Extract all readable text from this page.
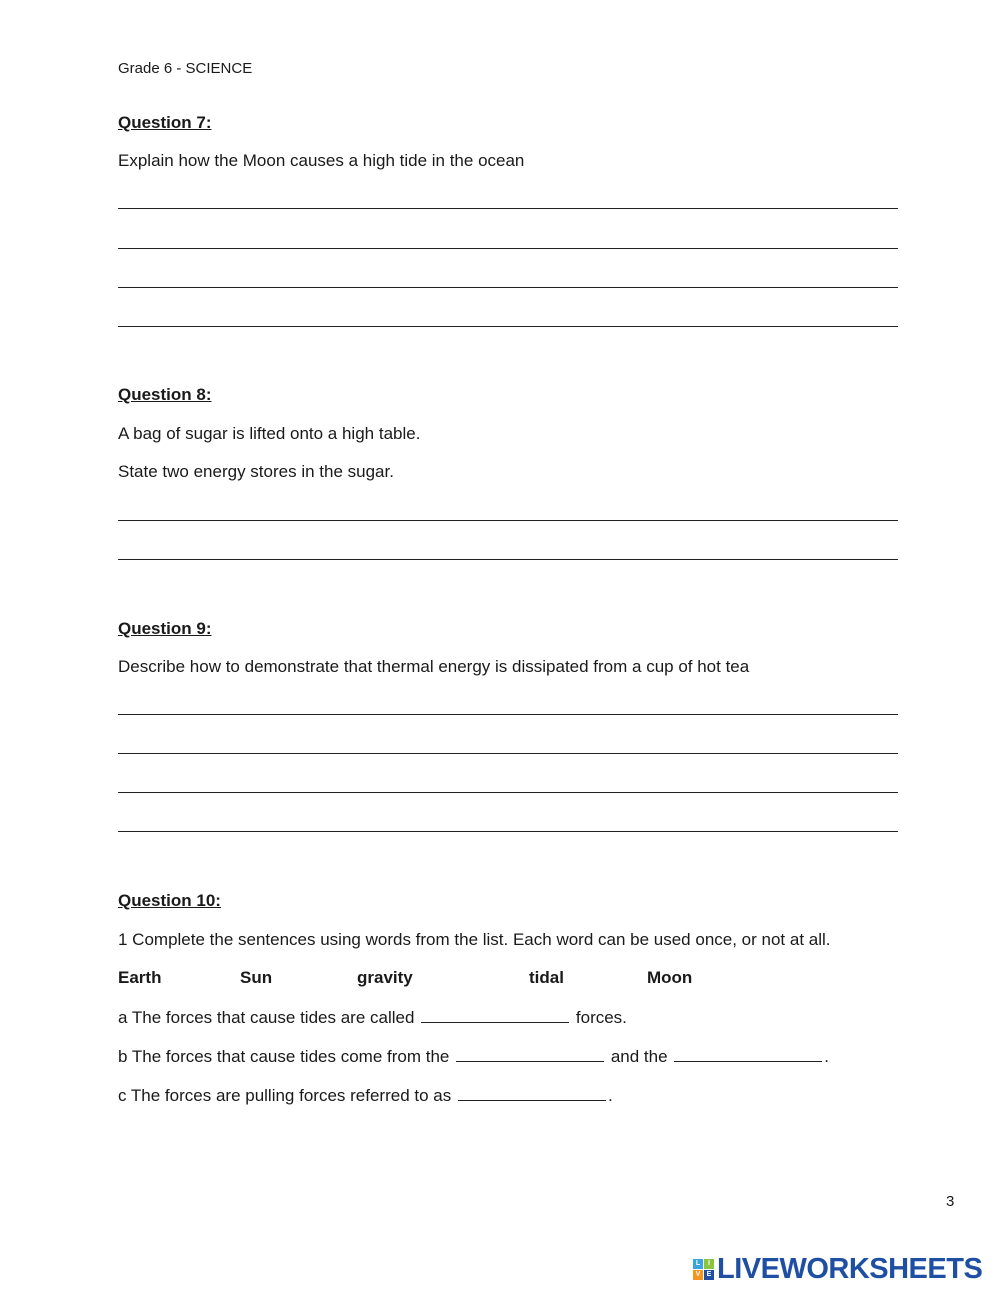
Grade 6 - SCIENCE
Question 7:
Explain how the Moon causes a high tide in the ocean
Question 8:
A bag of sugar is lifted onto a high table.
State two energy stores in the sugar.
Question 9:
Describe how to demonstrate that thermal energy is dissipated from a cup of hot tea
Question 10:
1 Complete the sentences using words from the list. Each word can be used once, or not at all.
Earth	Sun	gravity	tidal	Moon
a The forces that cause tides are called	forces.
b The forces that cause tides come from the	and the	.
c The forces are pulling forces referred to as	.
3
L	I
V E LIVEWORKSHEETS
